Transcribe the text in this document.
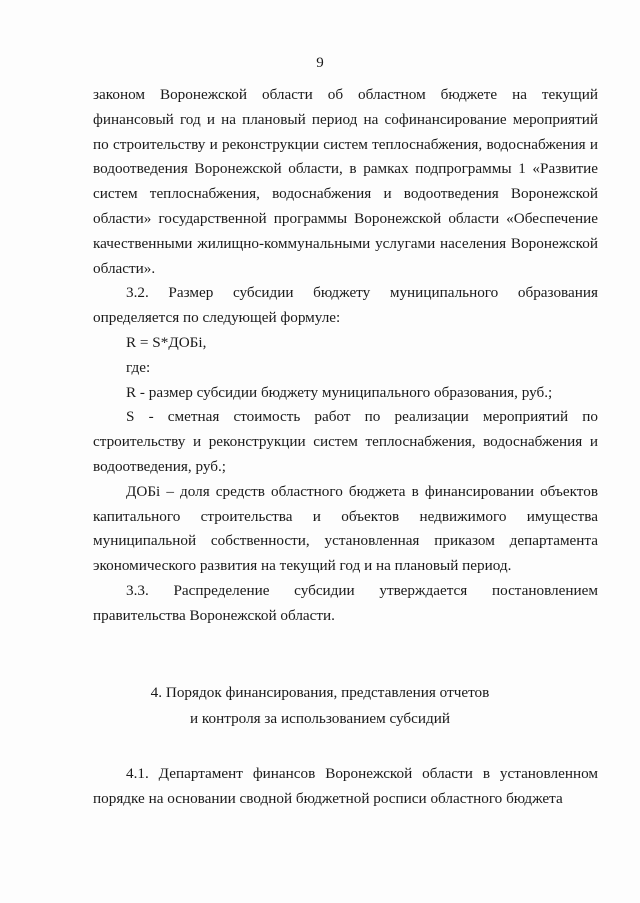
9

законом Воронежской области об областном бюджете на текущий финансовый год и на плановый период на софинансирование мероприятий по строительству и реконструкции систем теплоснабжения, водоснабжения и водоотведения Воронежской области, в рамках подпрограммы 1 «Развитие систем теплоснабжения, водоснабжения и водоотведения Воронежской области» государственной программы Воронежской области «Обеспечение качественными жилищно-коммунальными услугами населения Воронежской области».

3.2. Размер субсидии бюджету муниципального образования определяется по следующей формуле:

R = S*ДОБi,

где:

R - размер субсидии бюджету муниципального образования, руб.;

S - сметная стоимость работ по реализации мероприятий по строительству и реконструкции систем теплоснабжения, водоснабжения и водоотведения, руб.;

ДОБi – доля средств областного бюджета в финансировании объектов капитального строительства и объектов недвижимого имущества муниципальной собственности, установленная приказом департамента экономического развития на текущий год и на плановый период.

3.3. Распределение субсидии утверждается постановлением правительства Воронежской области.

4. Порядок финансирования, представления отчетов
и контроля за использованием субсидий

4.1. Департамент финансов Воронежской области в установленном порядке на основании сводной бюджетной росписи областного бюджета
